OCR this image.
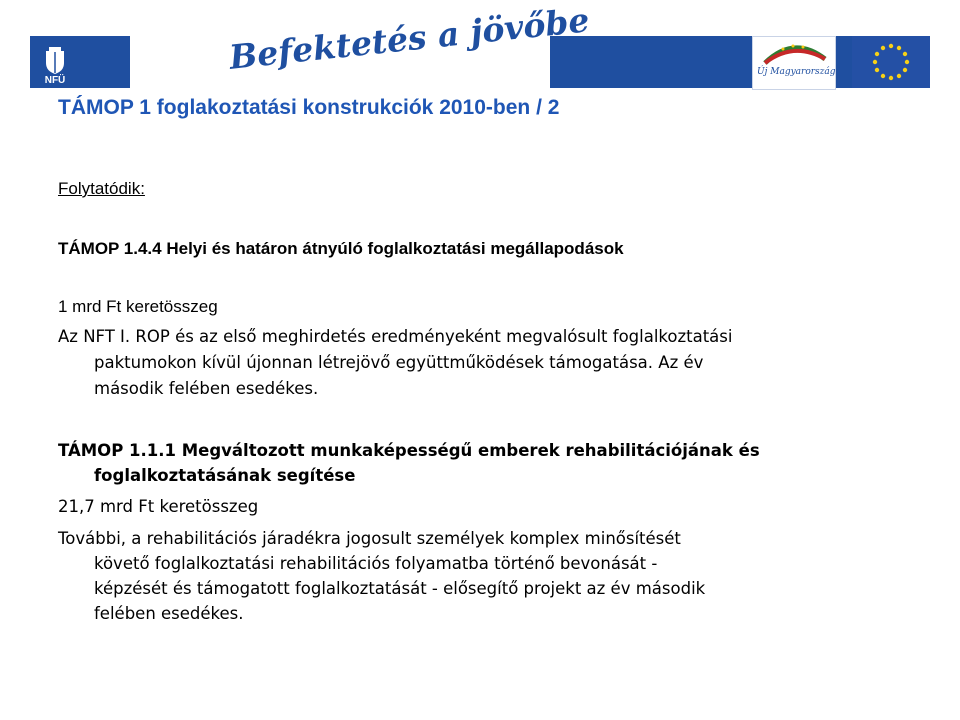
NFÜ
Befektetés a jövőbe	Új Magyarország
TÁMOP 1 foglakoztatási konstrukciók 2010-ben / 2
Folytatódik:
TÁMOP 1.4.4 Helyi és határon átnyúló foglalkoztatási megállapodások
1 mrd Ft keretösszeg
Az NFT I. ROP és az első meghirdetés eredményeként megvalósult foglalkoztatási
paktumokon kívül újonnan létrejövő együttműködések támogatása. Az év
második felében esedékes.
TÁMOP 1.1.1 Megváltozott munkaképességű emberek rehabilitációjának és
foglalkoztatásának segítése
21,7 mrd Ft keretösszeg
További, a rehabilitációs járadékra jogosult személyek komplex minősítését
követő foglalkoztatási rehabilitációs folyamatba történő bevonását -
képzését és támogatott foglalkoztatását - elősegítő projekt az év második
felében esedékes.
